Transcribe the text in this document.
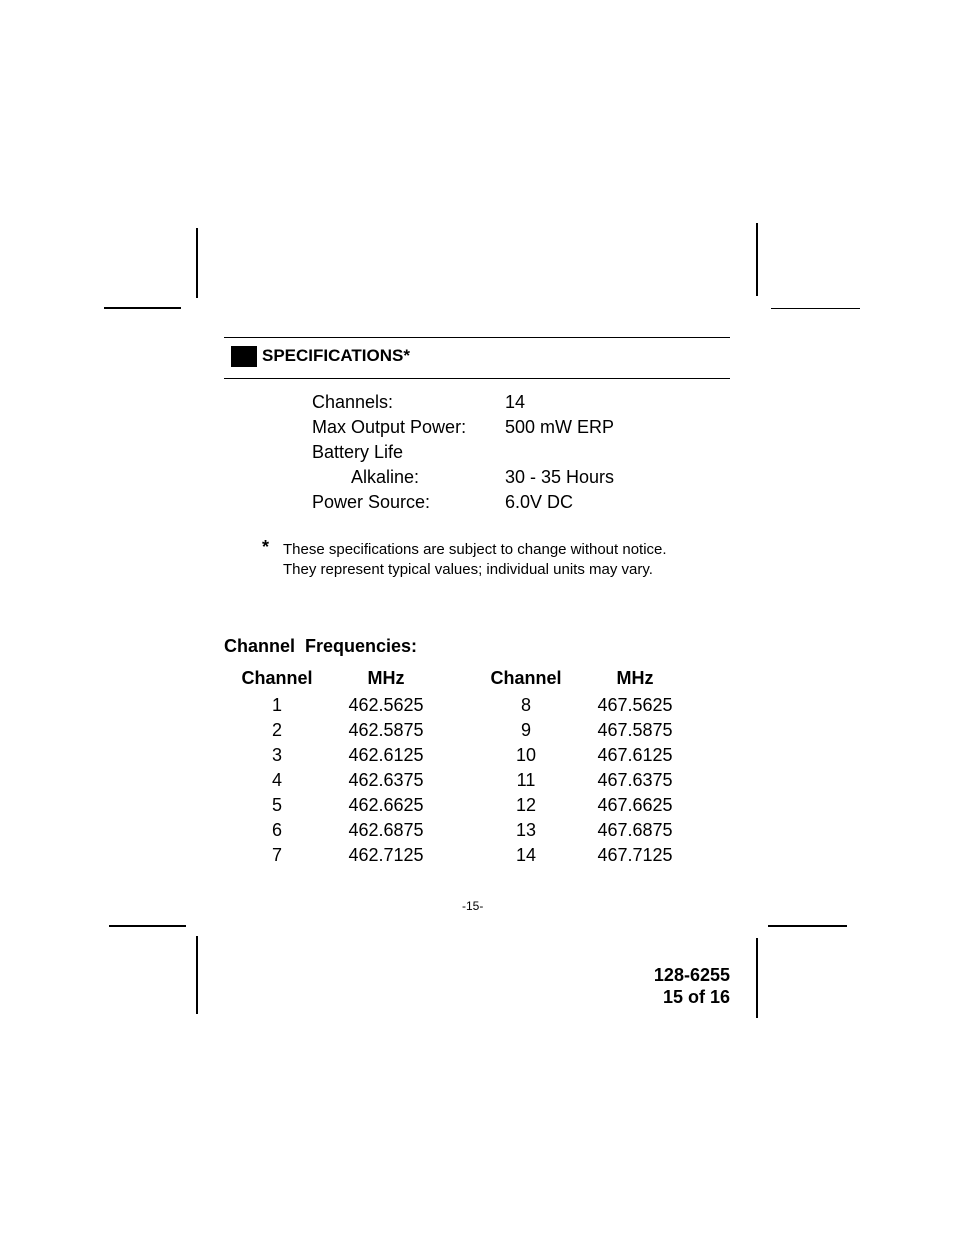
SPECIFICATIONS*
Channels:	14
Max Output Power: 500 mW ERP
Battery Life
Alkaline:	30 - 35 Hours
Power Source:	6.0V DC
* These specifications are subject to change without notice.
They represent typical values; individual units may vary.
Channel  Frequencies:
Channel	MHz	Channel	MHz
1	462.5625	8	467.5625
2	462.5875	9	467.5875
3	462.6125	10	467.6125
4	462.6375	11	467.6375
5	462.6625	12	467.6625
6	462.6875	13	467.6875
7	462.7125	14	467.7125
-15-
128-6255
15 of 16
